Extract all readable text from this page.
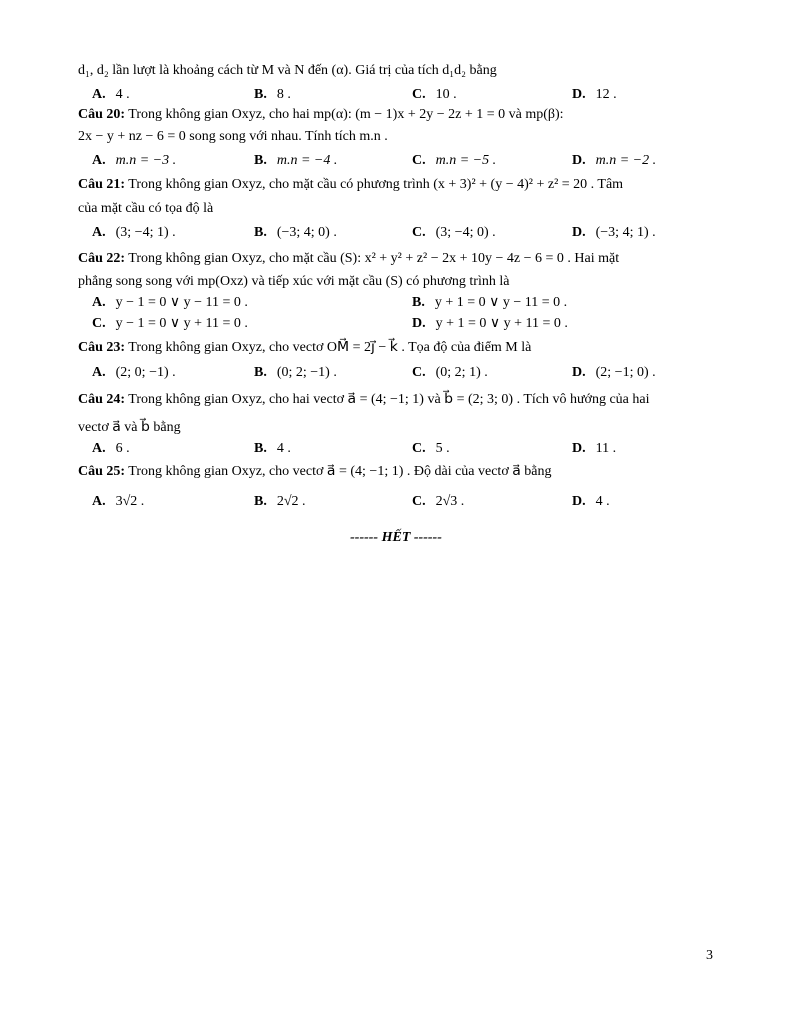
d₁, d₂ lần lượt là khoảng cách từ M và N đến (α). Giá trị của tích d₁d₂ bằng
A. 4 .	B. 8 .	C. 10 .	D. 12 .
Câu 20: Trong không gian Oxyz, cho hai mp(α): (m − 1)x + 2y − 2z + 1 = 0 và mp(β):
2x − y + nz − 6 = 0 song song với nhau. Tính tích m.n .
A. m.n = −3 .	B. m.n = −4 .	C. m.n = −5 .	D. m.n = −2 .
Câu 21: Trong không gian Oxyz, cho mặt cầu có phương trình (x + 3)² + (y − 4)² + z² = 20 . Tâm
của mặt cầu có tọa độ là
A. (3; −4; 1) .	B. (−3; 4; 0) .	C. (3; −4; 0) .	D. (−3; 4; 1) .
Câu 22: Trong không gian Oxyz, cho mặt cầu (S): x² + y² + z² − 2x + 10y − 4z − 6 = 0 . Hai mặt
phẳng song song với mp(Oxz) và tiếp xúc với mặt cầu (S) có phương trình là
A. y − 1 = 0 ∨ y − 11 = 0 .	B. y + 1 = 0 ∨ y − 11 = 0 .
C. y − 1 = 0 ∨ y + 11 = 0 .	D. y + 1 = 0 ∨ y + 11 = 0 .
Câu 23: Trong không gian Oxyz, cho vectơ OM⃗ = 2j⃗ − k⃗ . Tọa độ của điểm M là
A. (2; 0; −1) .	B. (0; 2; −1) .	C. (0; 2; 1) .	D. (2; −1; 0) .
Câu 24: Trong không gian Oxyz, cho hai vectơ a⃗ = (4; −1; 1) và b⃗ = (2; 3; 0) . Tích vô hướng của hai
vectơ a⃗ và b⃗ bằng
A. 6 .	B. 4 .	C. 5 .	D. 11 .
Câu 25: Trong không gian Oxyz, cho vectơ a⃗ = (4; −1; 1) . Độ dài của vectơ a⃗ bằng
A. 3√2 .	B. 2√2 .	C. 2√3 .	D. 4 .
------ HẾT ------
3
